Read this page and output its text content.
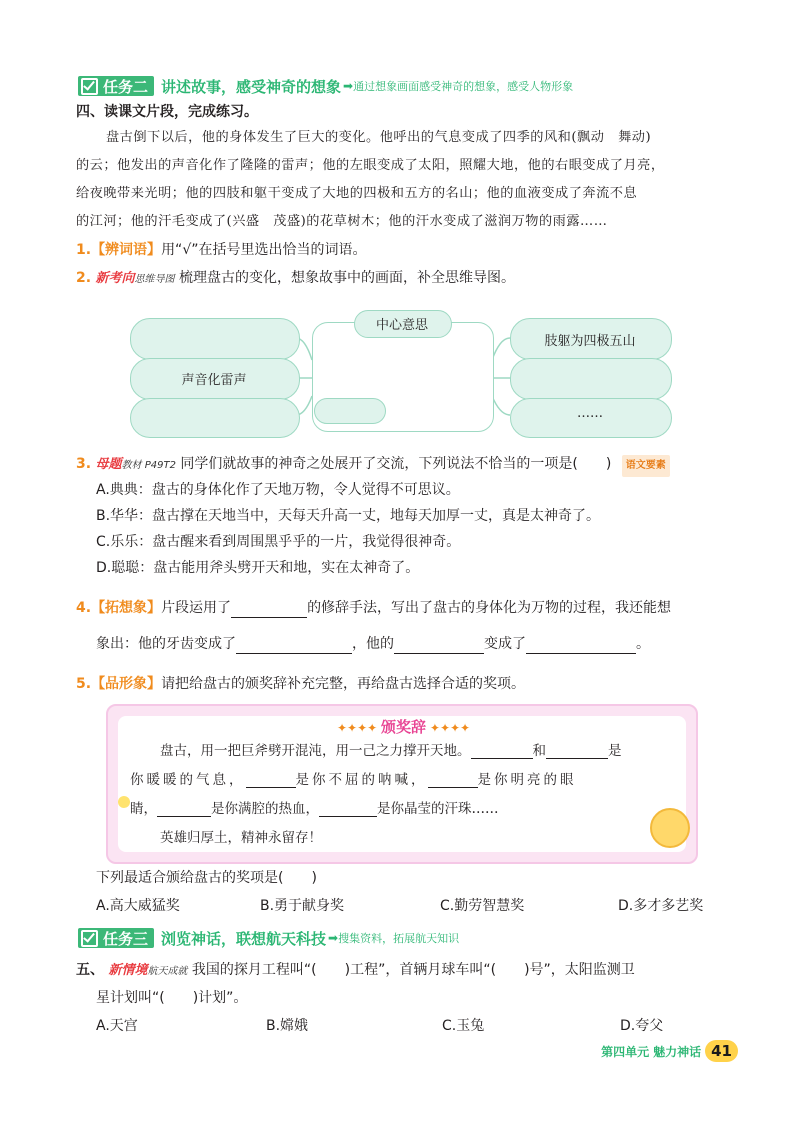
任务二 讲述故事，感受神奇的想象 ➡ 通过想象画面感受神奇的想象，感受人物形象
四、读课文片段，完成练习。
盘古倒下以后，他的身体发生了巨大的变化。他呼出的气息变成了四季的风和(飘动　舞动)
的云；他发出的声音化作了隆隆的雷声；他的左眼变成了太阳，照耀大地，他的右眼变成了月亮，
给夜晚带来光明；他的四肢和躯干变成了大地的四极和五方的名山；他的血液变成了奔流不息
的江河；他的汗毛变成了(兴盛　茂盛)的花草树木；他的汗水变成了滋润万物的雨露……
1.【辨词语】用“√”在括号里选出恰当的词语。
2. 新考向思维导图 梳理盘古的变化，想象故事中的画面，补全思维导图。
声音化雷声
中心意思
肢躯为四极五山
……
3. 母题教材 P49T2 同学们就故事的神奇之处展开了交流，下列说法不恰当的一项是(　　) 语文要素
A.典典：盘古的身体化作了天地万物，令人觉得不可思议。
B.华华：盘古撑在天地当中，天每天升高一丈，地每天加厚一丈，真是太神奇了。
C.乐乐：盘古醒来看到周围黑乎乎的一片，我觉得很神奇。
D.聪聪：盘古能用斧头劈开天和地，实在太神奇了。
4.【拓想象】片段运用了	的修辞手法，写出了盘古的身体化为万物的过程，我还能想
象出：他的牙齿变成了	，他的	变成了	。
5.【品形象】请把给盘古的颁奖辞补充完整，再给盘古选择合适的奖项。
✦✦✦✦ 颁奖辞 ✦✦✦✦
盘古，用一把巨斧劈开混沌，用一己之力撑开天地。	和	是
你暖暖的气息，	是你不屈的呐喊，	是你明亮的眼
睛，	是你满腔的热血，	是你晶莹的汗珠……
英雄归厚土，精神永留存！
下列最适合颁给盘古的奖项是(　　)
A.高大威猛奖	B.勇于献身奖	C.勤劳智慧奖	D.多才多艺奖
任务三 浏览神话，联想航天科技 ➡ 搜集资料，拓展航天知识
五、 新情境航天成就 我国的探月工程叫“(　　)工程”，首辆月球车叫“(　　)号”，太阳监测卫
星计划叫“(　　)计划”。
A.天宫	B.嫦娥	C.玉兔	D.夸父
第四单元 魅力神话 41
